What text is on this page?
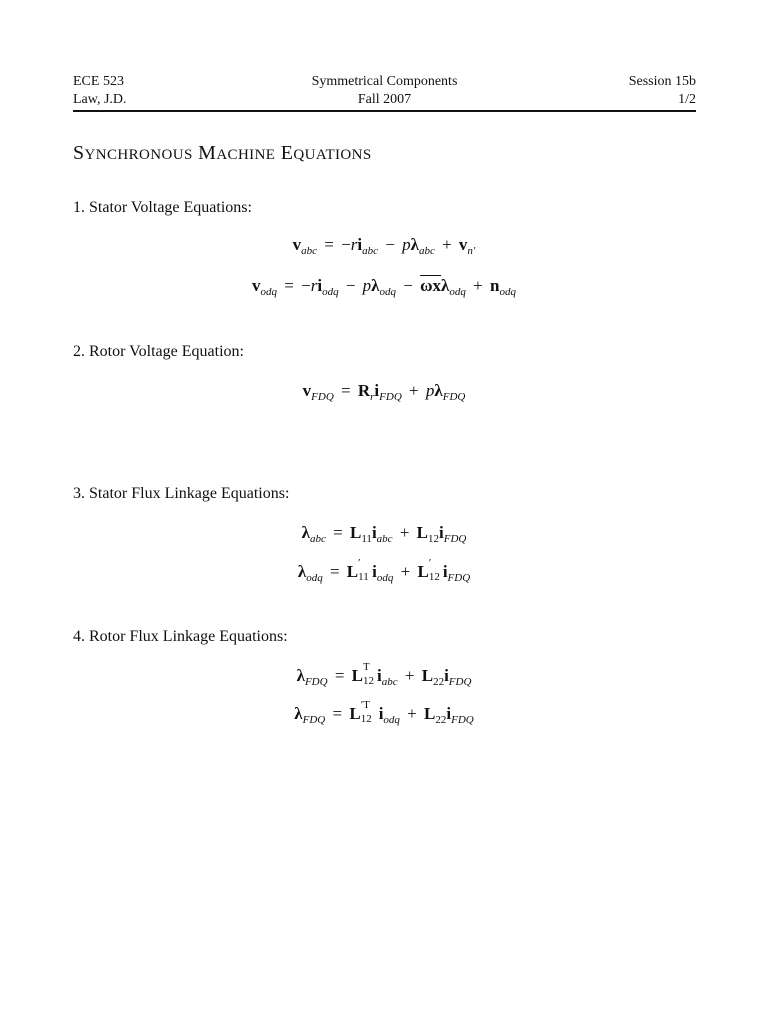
ECE 523
Law, J.D.
Symmetrical Components
Fall 2007
Session 15b
1/2
SYNCHRONOUS MACHINE EQUATIONS
1. Stator Voltage Equations:
$v_{abc} = -ri_{abc} - p\lambda_{abc} + v_{n'}$
$v_{odq} = -ri_{odq} - p\lambda_{odq} - \overline{\omega x}\lambda_{odq} + n_{odq}$
2. Rotor Voltage Equation:
$v_{FDQ} = R_ri_{FDQ} + p\lambda_{FDQ}$
3. Stator Flux Linkage Equations:
$\lambda_{abc} = L_{11}i_{abc} + L_{12}i_{FDQ}$
$\lambda_{odq} = L$ ′
11 $i_{odq} + L$ ′
12 $i_{FDQ}$
4. Rotor Flux Linkage Equations:
$\lambda_{FDQ} = L$ T
12 $i_{abc} + L_{22}i_{FDQ}$
$\lambda_{FDQ} = L$ ′T
12 $i_{odq} + L_{22}i_{FDQ}$
